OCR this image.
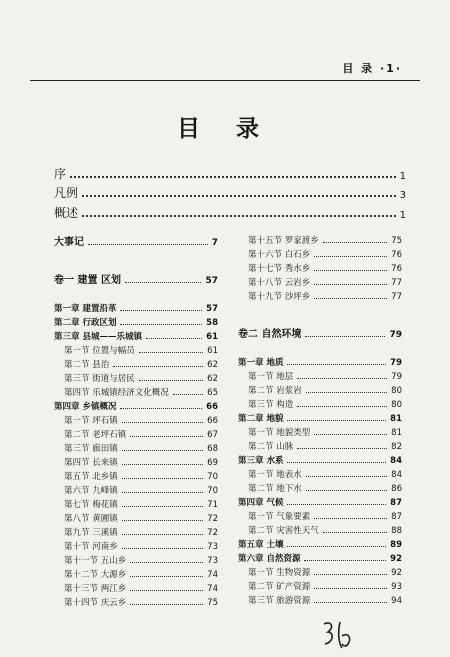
目 录 ·1·
目 录
序	1
凡例	3
概述	1
大事记	7
卷一 建置 区划	57
第一章 建置沿革	57
第二章 行政区划	58
第三章 县城——乐城镇	61
第一节 位置与幅员	61
第二节 县治	62
第三节 街道与居民	62
第四节 乐城镇经济文化概况	65
第四章 乡镇概况	66
第一节 坪石镇	66
第二节 老坪石镇	67
第三节 廊田镇	68
第四节 长来镇	69
第五节 北乡镇	70
第六节 九峰镇	70
第七节 梅花镇	71
第八节 黄圃镇	72
第九节 三溪镇	72
第十节 河南乡	73
第十一节 五山乡	73
第十二节 大源乡	74
第十三节 两江乡	74
第十四节 庆云乡	75
第十五节 罗家渡乡	75
第十六节 白石乡	76
第十七节 秀水乡	76
第十八节 云岩乡	77
第十九节 沙坪乡	77
卷二 自然环境	79
第一章 地质	79
第一节 地层	79
第二节 岩浆岩	80
第三节 构造	80
第二章 地貌	81
第一节 地貌类型	81
第二节 山脉	82
第三章 水系	84
第一节 地表水	84
第二节 地下水	86
第四章 气候	87
第一节 气象要素	87
第二节 灾害性天气	88
第五章 土壤	89
第六章 自然资源	92
第一节 生物资源	92
第二节 矿产资源	93
第三节 旅游资源	94
